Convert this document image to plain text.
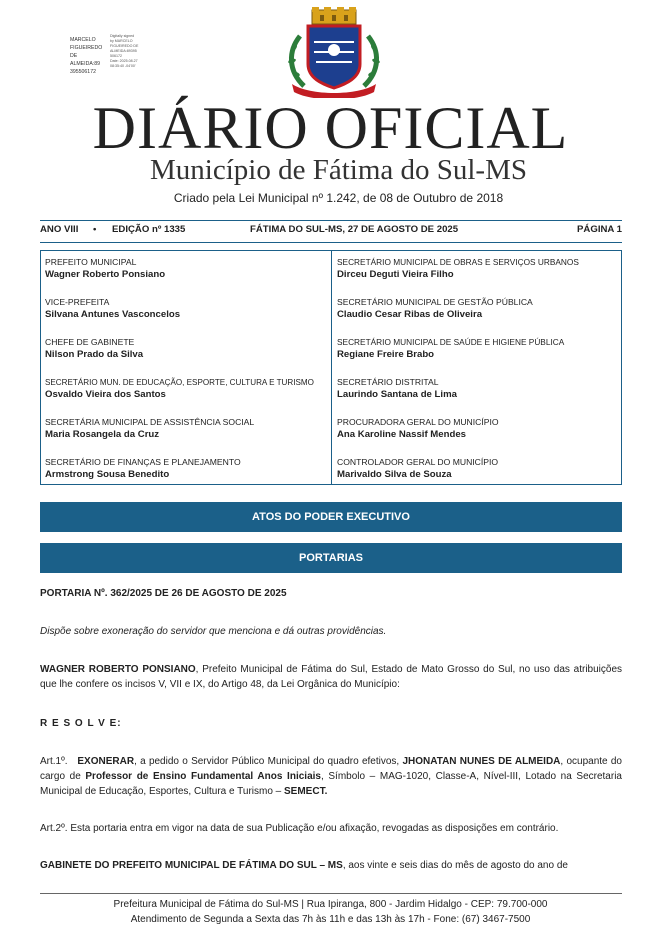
MARCELO
FIGUEIREDO
DE
ALMEIDA:89
395506172
Digitally signed
by MARCELO
FIGUEIREDO DE
ALMEIDA:89395
506172
Date: 2025.08.27
08:35:40 -04'00'
DIÁRIO OFICIAL
Município de Fátima do Sul-MS
Criado pela Lei Municipal nº 1.242, de 08 de Outubro de 2018
ANO VIII • EDIÇÃO nº 1335	FÁTIMA DO SUL-MS, 27 DE AGOSTO DE 2025	PÁGINA 1
PREFEITO MUNICIPAL
Wagner Roberto Ponsiano
VICE-PREFEITA
Silvana Antunes Vasconcelos
CHEFE DE GABINETE
Nilson Prado da Silva
SECRETÁRIO MUN. DE EDUCAÇÃO, ESPORTE, CULTURA E TURISMO
Osvaldo Vieira dos Santos
SECRETÁRIA MUNICIPAL DE ASSISTÊNCIA SOCIAL
Maria Rosangela da Cruz
SECRETÁRIO DE FINANÇAS E PLANEJAMENTO
Armstrong Sousa Benedito
SECRETÁRIO MUNICIPAL DE OBRAS E SERVIÇOS URBANOS
Dirceu Deguti Vieira Filho
SECRETÁRIO MUNICIPAL DE GESTÃO PÚBLICA
Claudio Cesar Ribas de Oliveira
SECRETÁRIO MUNICIPAL DE SAÚDE E HIGIENE PÚBLICA
Regiane Freire Brabo
SECRETÁRIO DISTRITAL
Laurindo Santana de Lima
PROCURADORA GERAL DO MUNICÍPIO
Ana Karoline Nassif Mendes
CONTROLADOR GERAL DO MUNICÍPIO
Marivaldo Silva de Souza
ATOS DO PODER EXECUTIVO
PORTARIAS
PORTARIA Nº. 362/2025 DE 26 DE AGOSTO DE 2025
Dispõe sobre exoneração do servidor que menciona e dá outras providências.
WAGNER ROBERTO PONSIANO, Prefeito Municipal de Fátima do Sul, Estado de Mato Grosso do Sul, no uso das atribuições que lhe confere os incisos V, VII e IX, do Artigo 48, da Lei Orgânica do Município:
R E S O L V E:
Art.1º. EXONERAR, a pedido o Servidor Público Municipal do quadro efetivos, JHONATAN NUNES DE ALMEIDA, ocupante do cargo de Professor de Ensino Fundamental Anos Iniciais, Símbolo – MAG-1020, Classe-A, Nível-III, Lotado na Secretaria Municipal de Educação, Esportes, Cultura e Turismo – SEMECT.
Art.2º. Esta portaria entra em vigor na data de sua Publicação e/ou afixação, revogadas as disposições em contrário.
GABINETE DO PREFEITO MUNICIPAL DE FÁTIMA DO SUL – MS, aos vinte e seis dias do mês de agosto do ano de
Prefeitura Municipal de Fátima do Sul-MS | Rua Ipiranga, 800 - Jardim Hidalgo - CEP: 79.700-000
Atendimento de Segunda a Sexta das 7h às 11h e das 13h às 17h - Fone: (67) 3467-7500
